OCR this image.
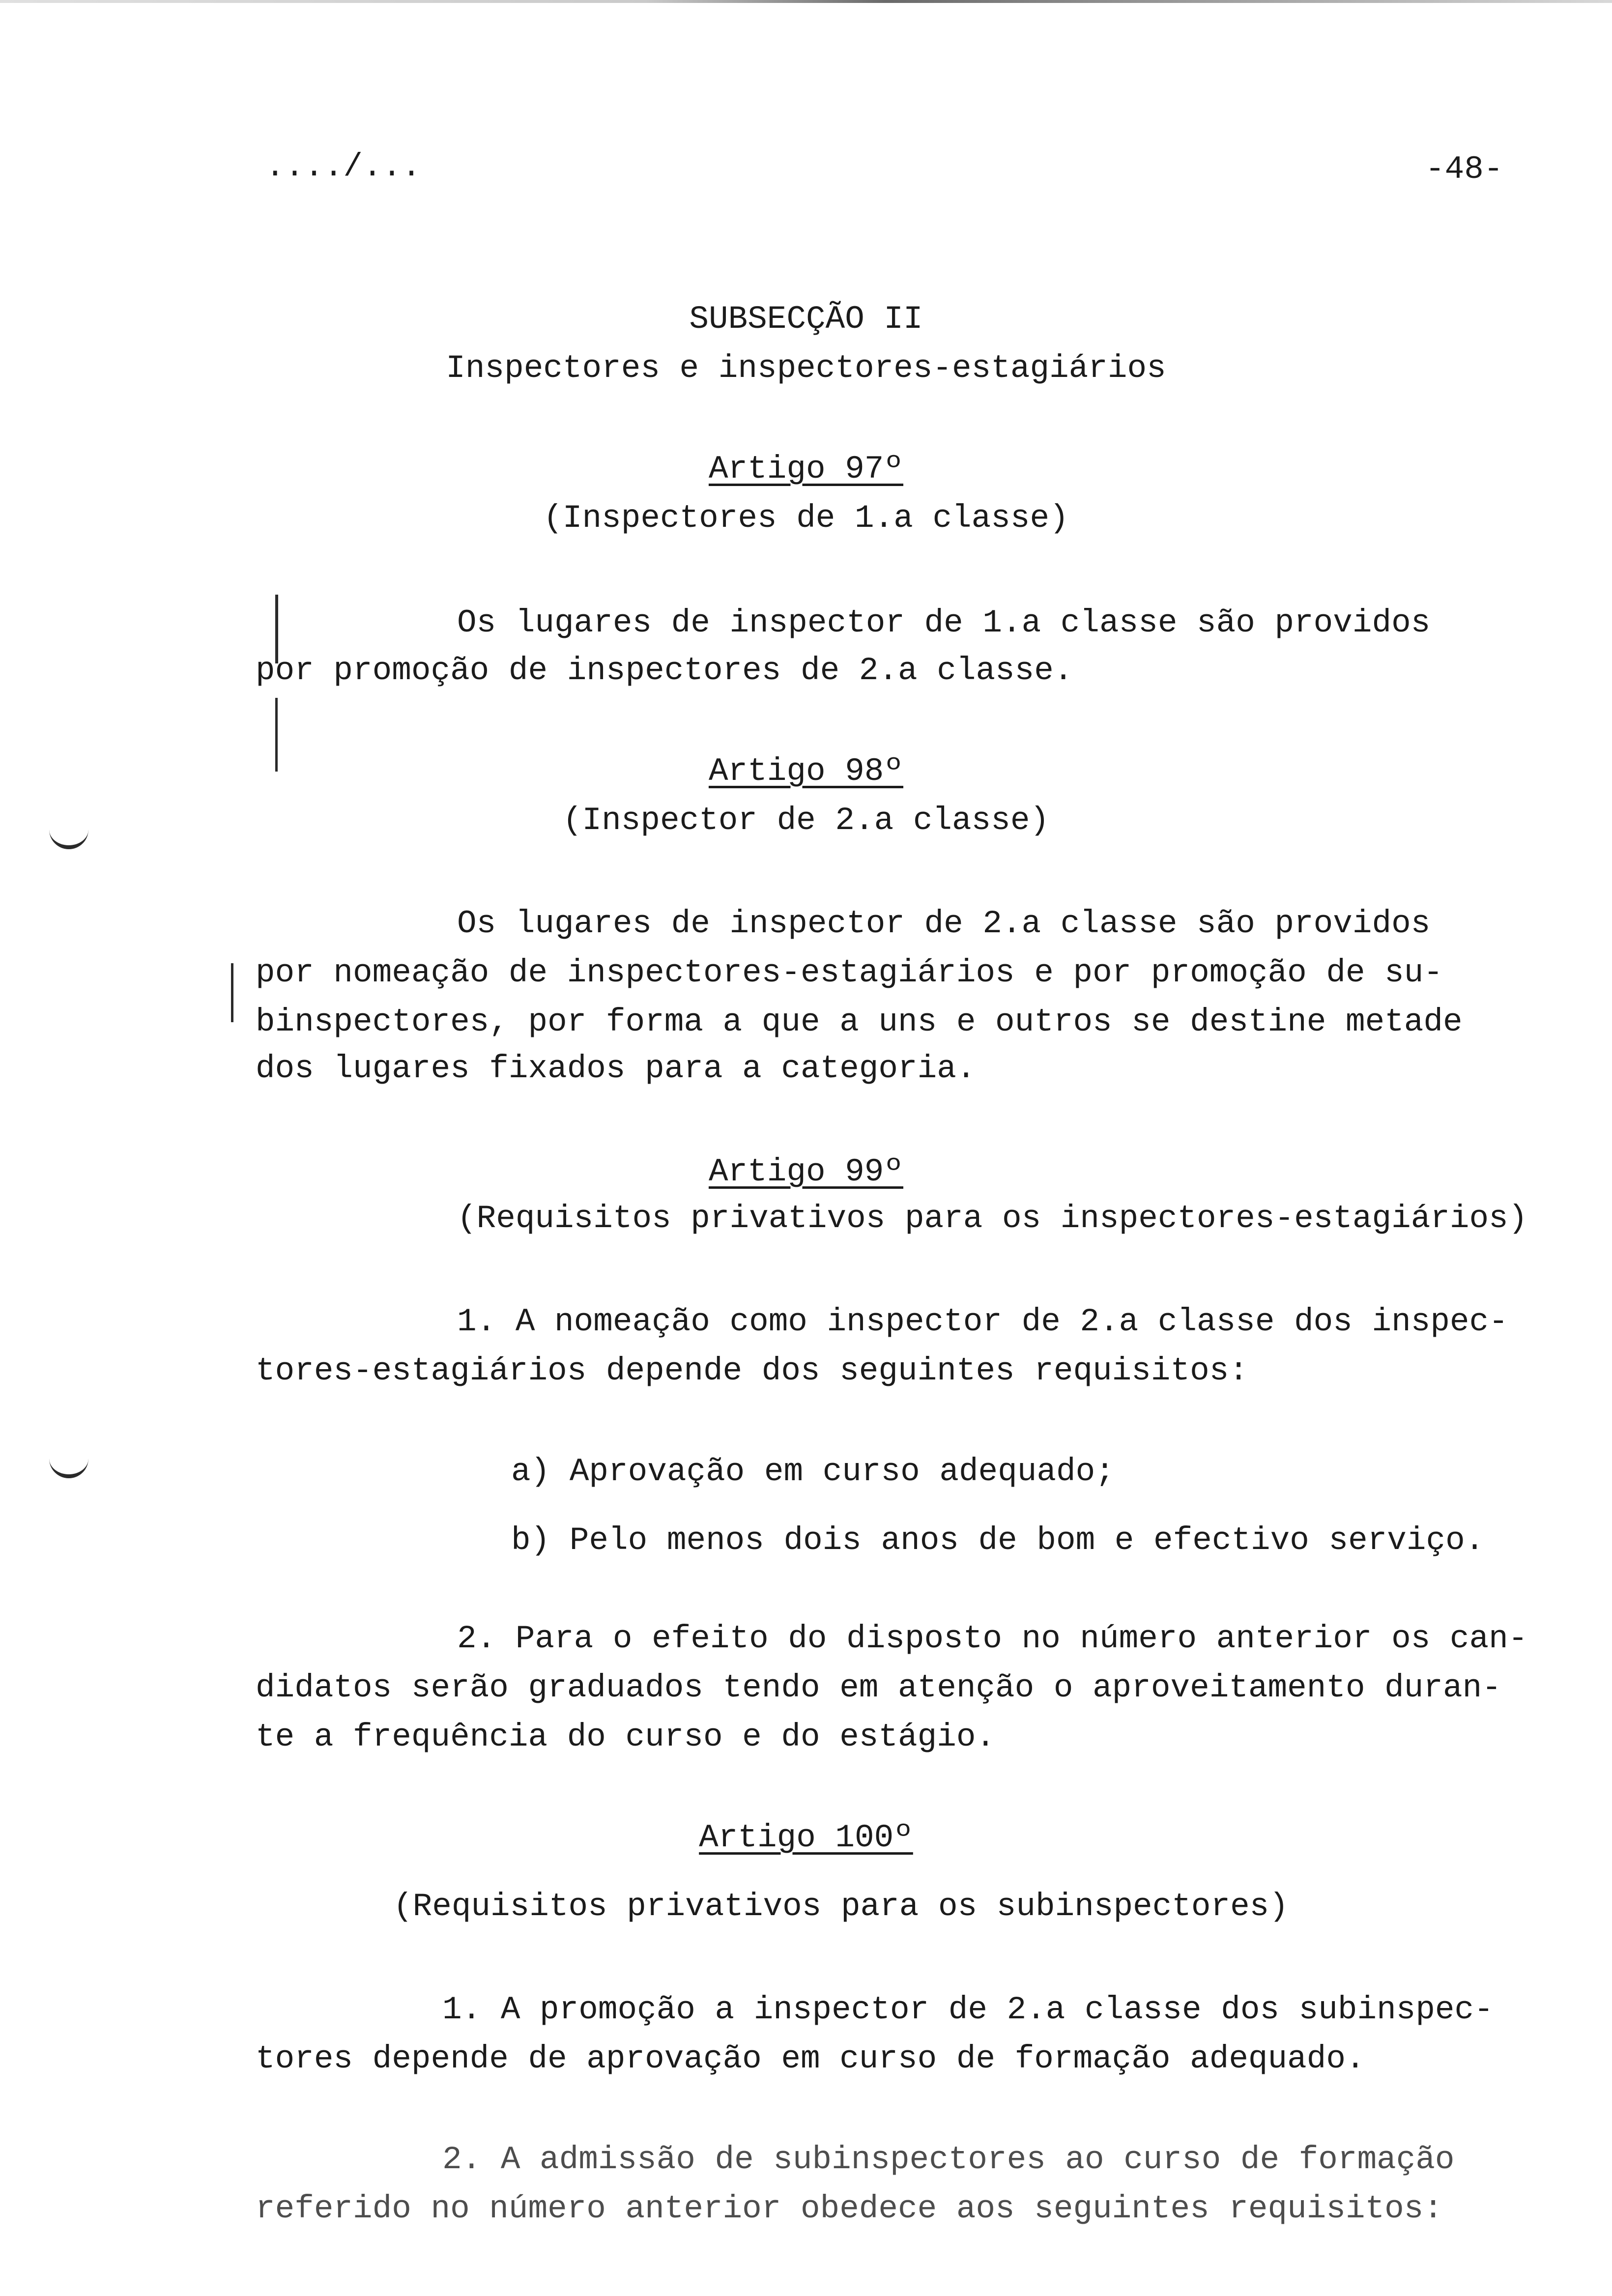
..../...	-48-
SUBSECÇÃO II
Inspectores e inspectores-estagiários
Artigo 97º
(Inspectores de 1.a classe)
Os lugares de inspector de 1.a classe são providos
por promoção de inspectores de 2.a classe.
Artigo 98º
(Inspector de 2.a classe)
Os lugares de inspector de 2.a classe são providos
por nomeação de inspectores-estagiários e por promoção de su-
binspectores, por forma a que a uns e outros se destine metade
dos lugares fixados para a categoria.
Artigo 99º
(Requisitos privativos para os inspectores-estagiários)
1. A nomeação como inspector de 2.a classe dos inspec-
tores-estagiários depende dos seguintes requisitos:
a) Aprovação em curso adequado;
b) Pelo menos dois anos de bom e efectivo serviço.
2. Para o efeito do disposto no número anterior os can-
didatos serão graduados tendo em atenção o aproveitamento duran-
te a frequência do curso e do estágio.
Artigo 100º
(Requisitos privativos para os subinspectores)
1. A promoção a inspector de 2.a classe dos subinspec-
tores depende de aprovação em curso de formação adequado.
2. A admissão de subinspectores ao curso de formação
referido no número anterior obedece aos seguintes requisitos:
